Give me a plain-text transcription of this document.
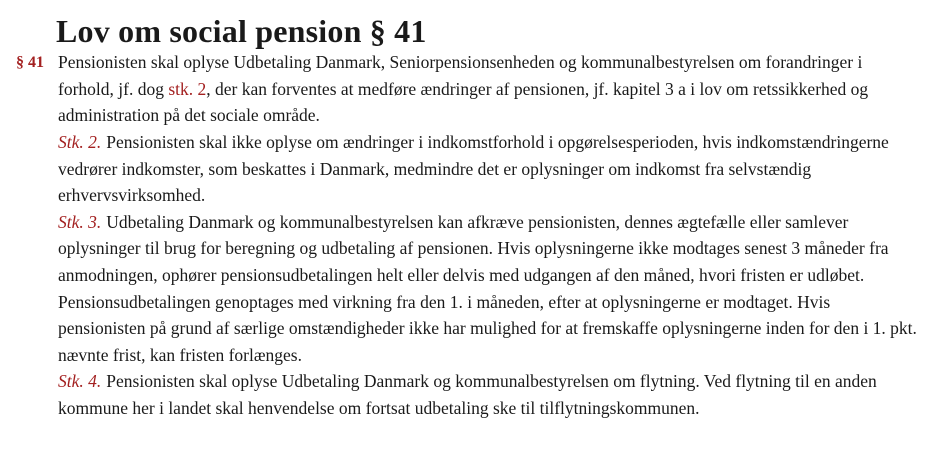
Lov om social pension § 41

§ 41 Pensionisten skal oplyse Udbetaling Danmark, Seniorpensionsenheden og kommunalbestyrelsen om forandringer i forhold, jf. dog stk. 2, der kan forventes at medføre ændringer af pensionen, jf. kapitel 3 a i lov om retssikkerhed og administration på det sociale område.

Stk. 2. Pensionisten skal ikke oplyse om ændringer i indkomstforhold i opgørelsesperioden, hvis indkomstændringerne vedrører indkomster, som beskattes i Danmark, medmindre det er oplysninger om indkomst fra selvstændig erhvervsvirksomhed.

Stk. 3. Udbetaling Danmark og kommunalbestyrelsen kan afkræve pensionisten, dennes ægtefælle eller samlever oplysninger til brug for beregning og udbetaling af pensionen. Hvis oplysningerne ikke modtages senest 3 måneder fra anmodningen, ophører pensionsudbetalingen helt eller delvis med udgangen af den måned, hvori fristen er udløbet. Pensionsudbetalingen genoptages med virkning fra den 1. i måneden, efter at oplysningerne er modtaget. Hvis pensionisten på grund af særlige omstændigheder ikke har mulighed for at fremskaffe oplysningerne inden for den i 1. pkt. nævnte frist, kan fristen forlænges.

Stk. 4. Pensionisten skal oplyse Udbetaling Danmark og kommunalbestyrelsen om flytning. Ved flytning til en anden kommune her i landet skal henvendelse om fortsat udbetaling ske til tilflytningskommunen.
